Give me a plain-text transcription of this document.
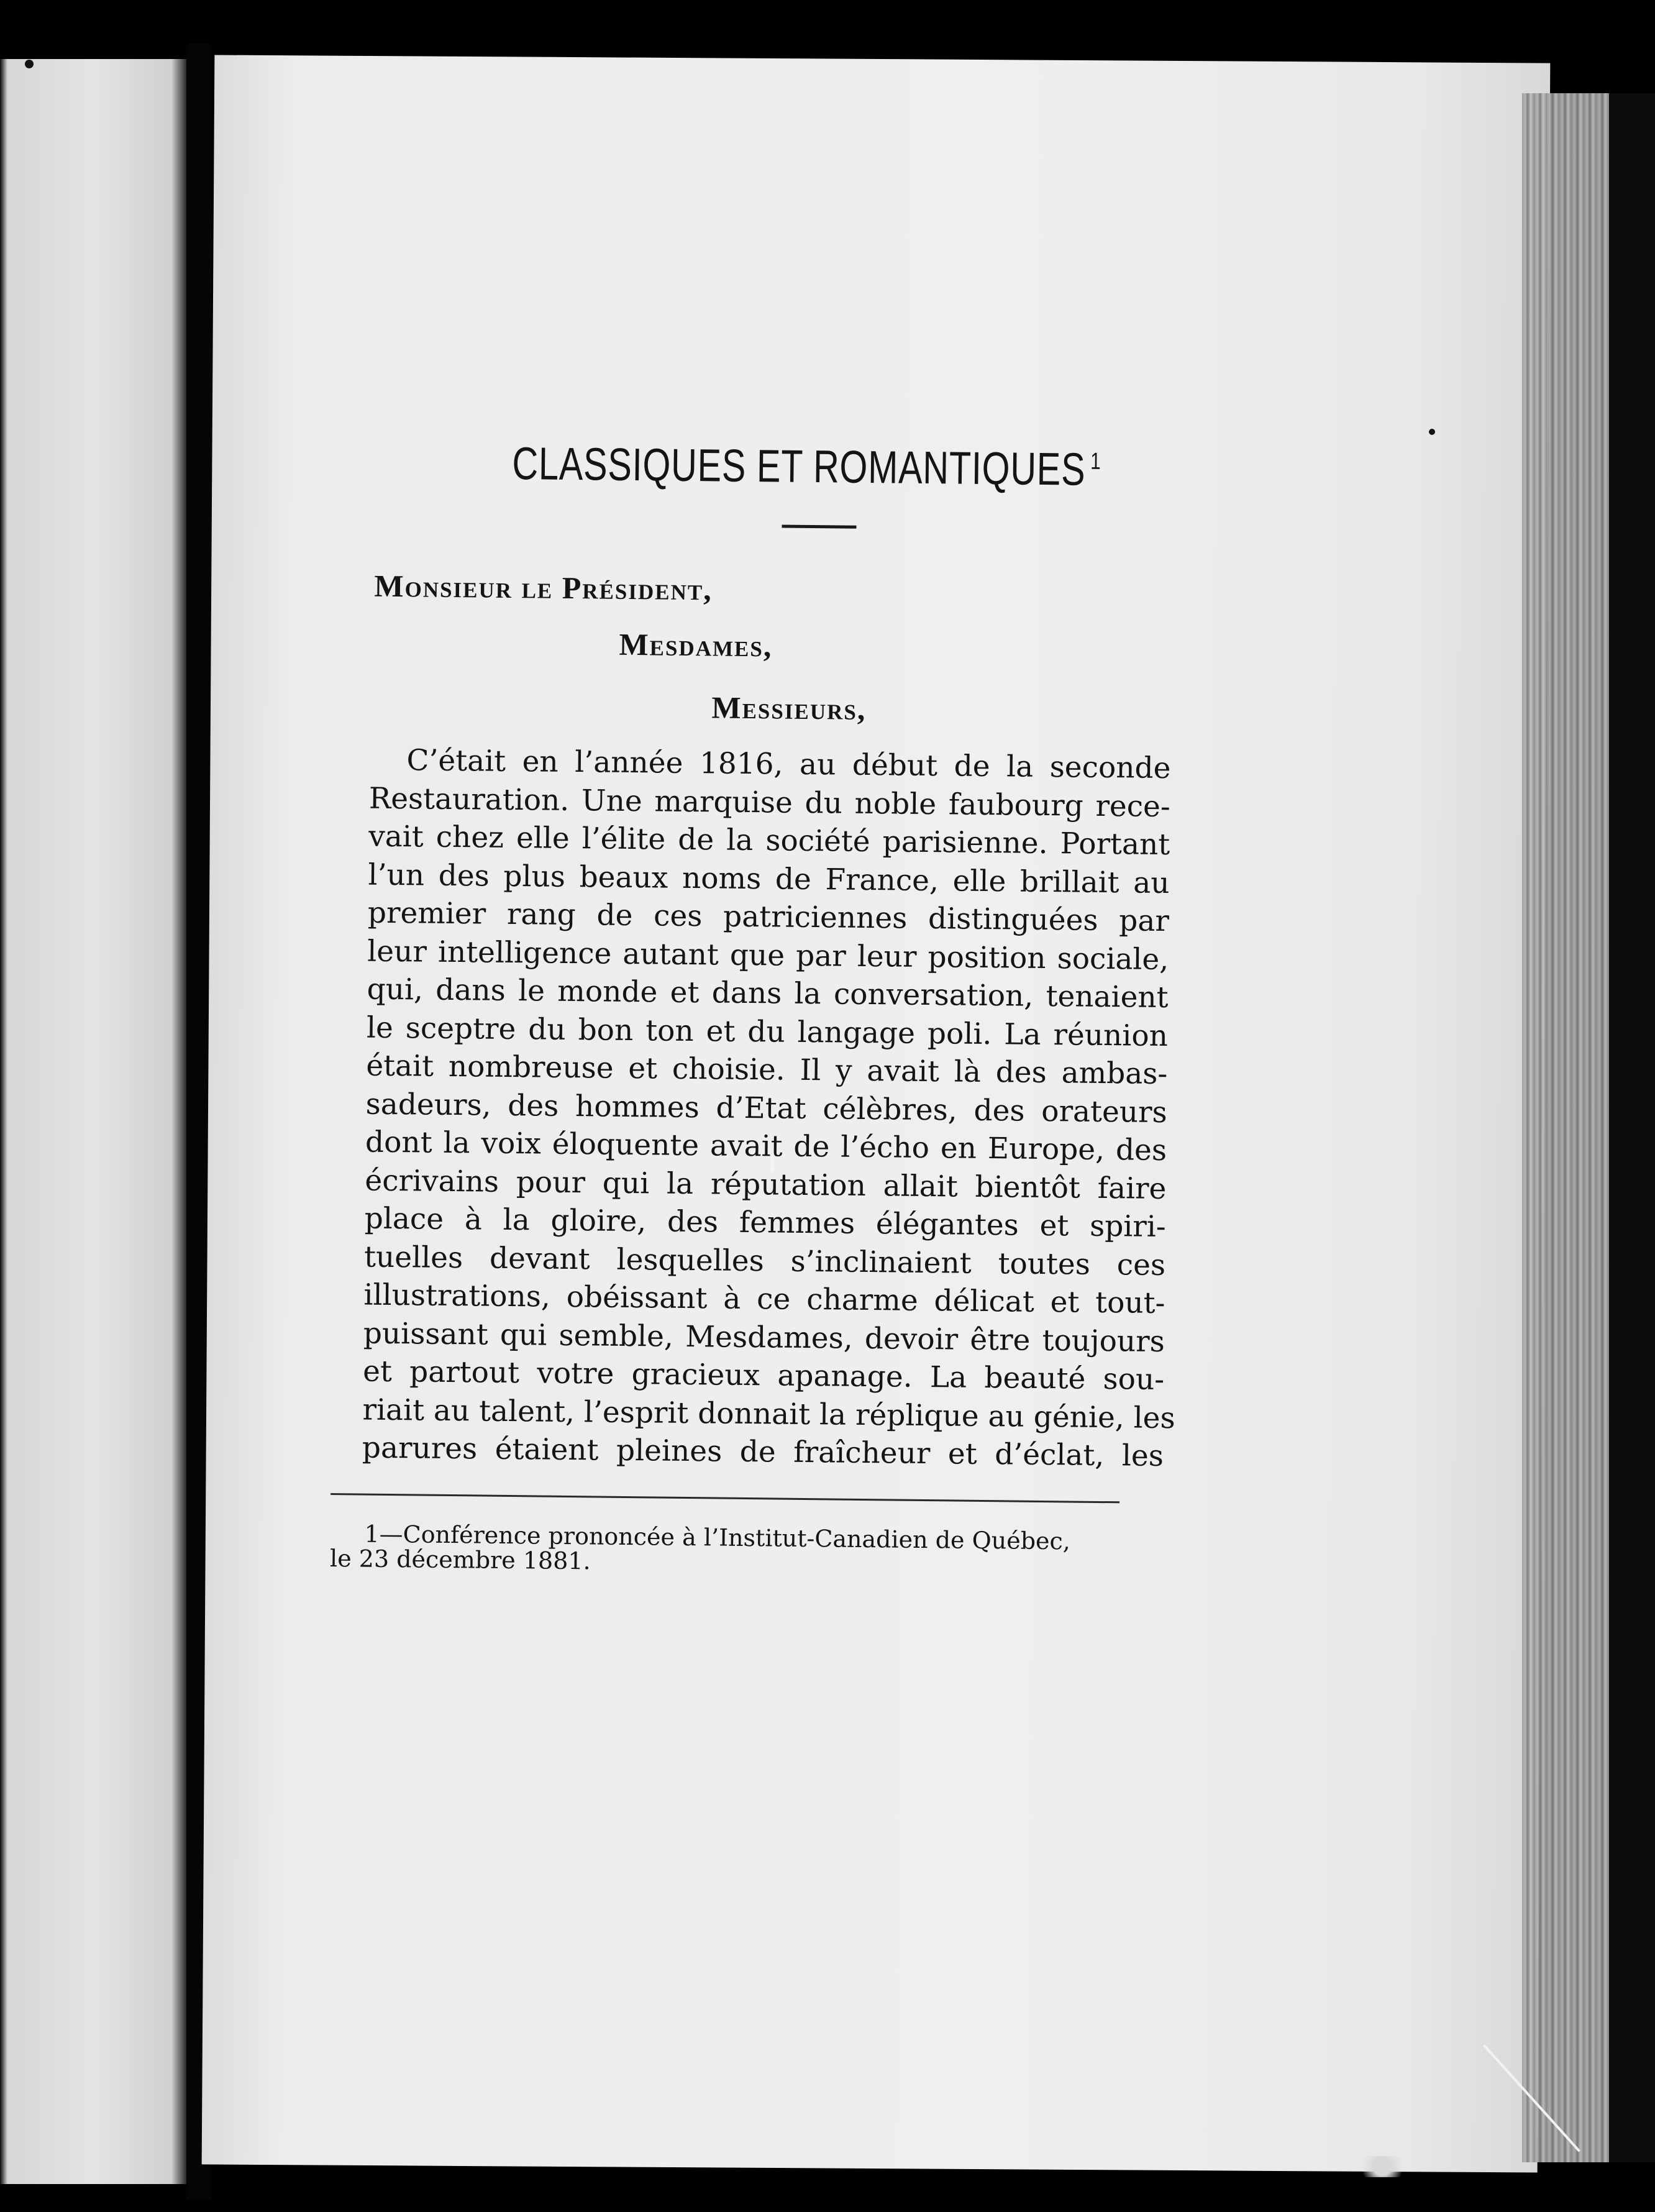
CLASSIQUES ET ROMANTIQUES $^1$
Monsieur le Président,
Mesdames,
Messieurs,
C’était en l’année 1816, au début de la seconde
Restauration. Une marquise du noble faubourg rece-
vait chez elle l’élite de la société parisienne. Portant
l’un des plus beaux noms de France, elle brillait au
premier rang de ces patriciennes distinguées par
leur intelligence autant que par leur position sociale,
qui, dans le monde et dans la conversation, tenaient
le sceptre du bon ton et du langage poli. La réunion
était nombreuse et choisie. Il y avait là des ambas-
sadeurs, des hommes d’Etat célèbres, des orateurs
dont la voix éloquente avait de l’écho en Europe, des
écrivains pour qui la réputation allait bientôt faire
place à la gloire, des femmes élégantes et spiri-
tuelles devant lesquelles s’inclinaient toutes ces
illustrations, obéissant à ce charme délicat et tout-
puissant qui semble, Mesdames, devoir être toujours
et partout votre gracieux apanage. La beauté sou-
riait au talent, l’esprit donnait la réplique au génie, les
parures étaient pleines de fraîcheur et d’éclat, les
1—Conférence prononcée à l’Institut-Canadien de Québec,
le 23 décembre 1881.
